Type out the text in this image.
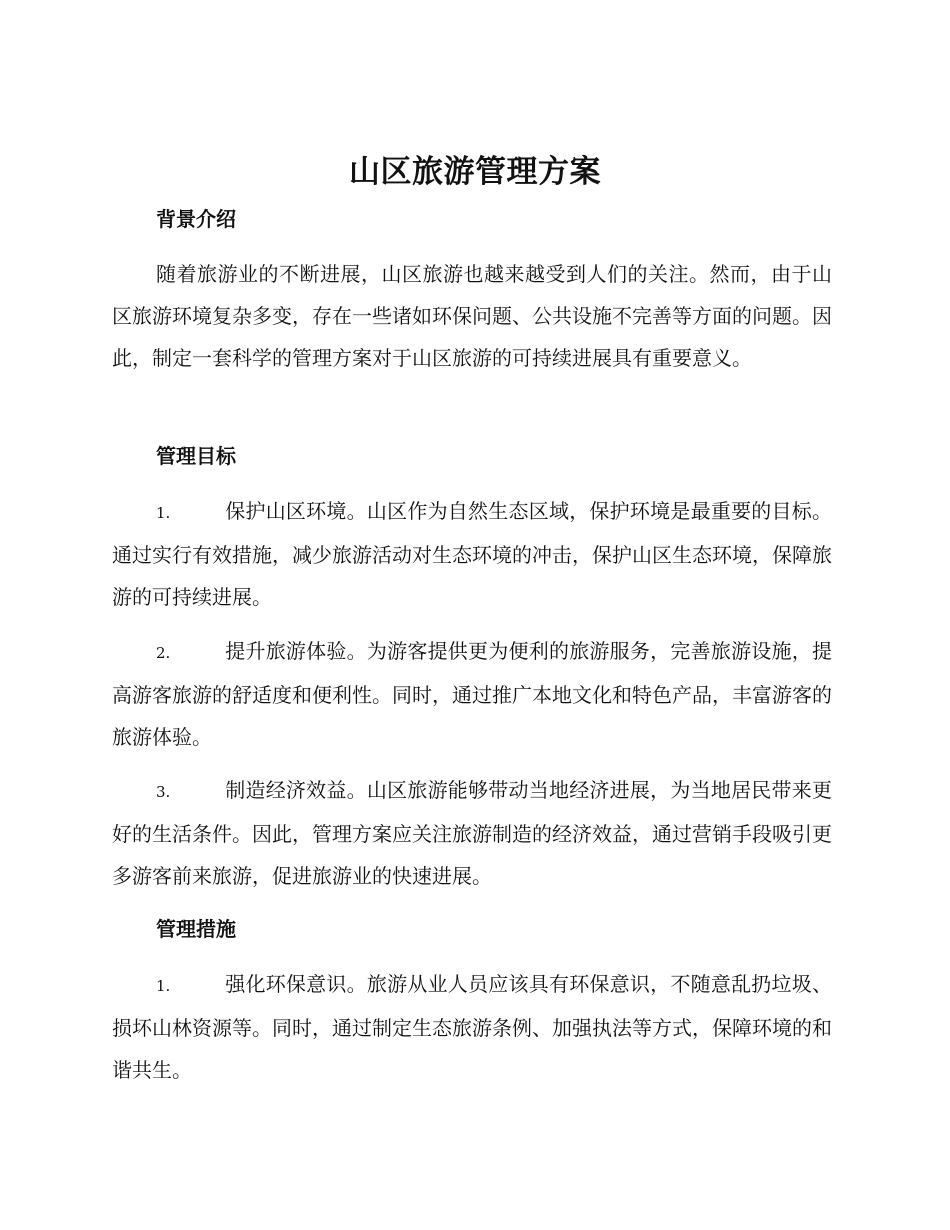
山区旅游管理方案
背景介绍

随着旅游业的不断进展，山区旅游也越来越受到人们的关注。然而，由于山区旅游环境复杂多变，存在一些诸如环保问题、公共设施不完善等方面的问题。因此，制定一套科学的管理方案对于山区旅游的可持续进展具有重要意义。

管理目标

1.	保护山区环境。山区作为自然生态区域，保护环境是最重要的目标。通过实行有效措施，减少旅游活动对生态环境的冲击，保护山区生态环境，保障旅游的可持续进展。

2.	提升旅游体验。为游客提供更为便利的旅游服务，完善旅游设施，提高游客旅游的舒适度和便利性。同时，通过推广本地文化和特色产品，丰富游客的旅游体验。

3.	制造经济效益。山区旅游能够带动当地经济进展，为当地居民带来更好的生活条件。因此，管理方案应关注旅游制造的经济效益，通过营销手段吸引更多游客前来旅游，促进旅游业的快速进展。

管理措施

1.	强化环保意识。旅游从业人员应该具有环保意识，不随意乱扔垃圾、损坏山林资源等。同时，通过制定生态旅游条例、加强执法等方式，保障环境的和谐共生。
